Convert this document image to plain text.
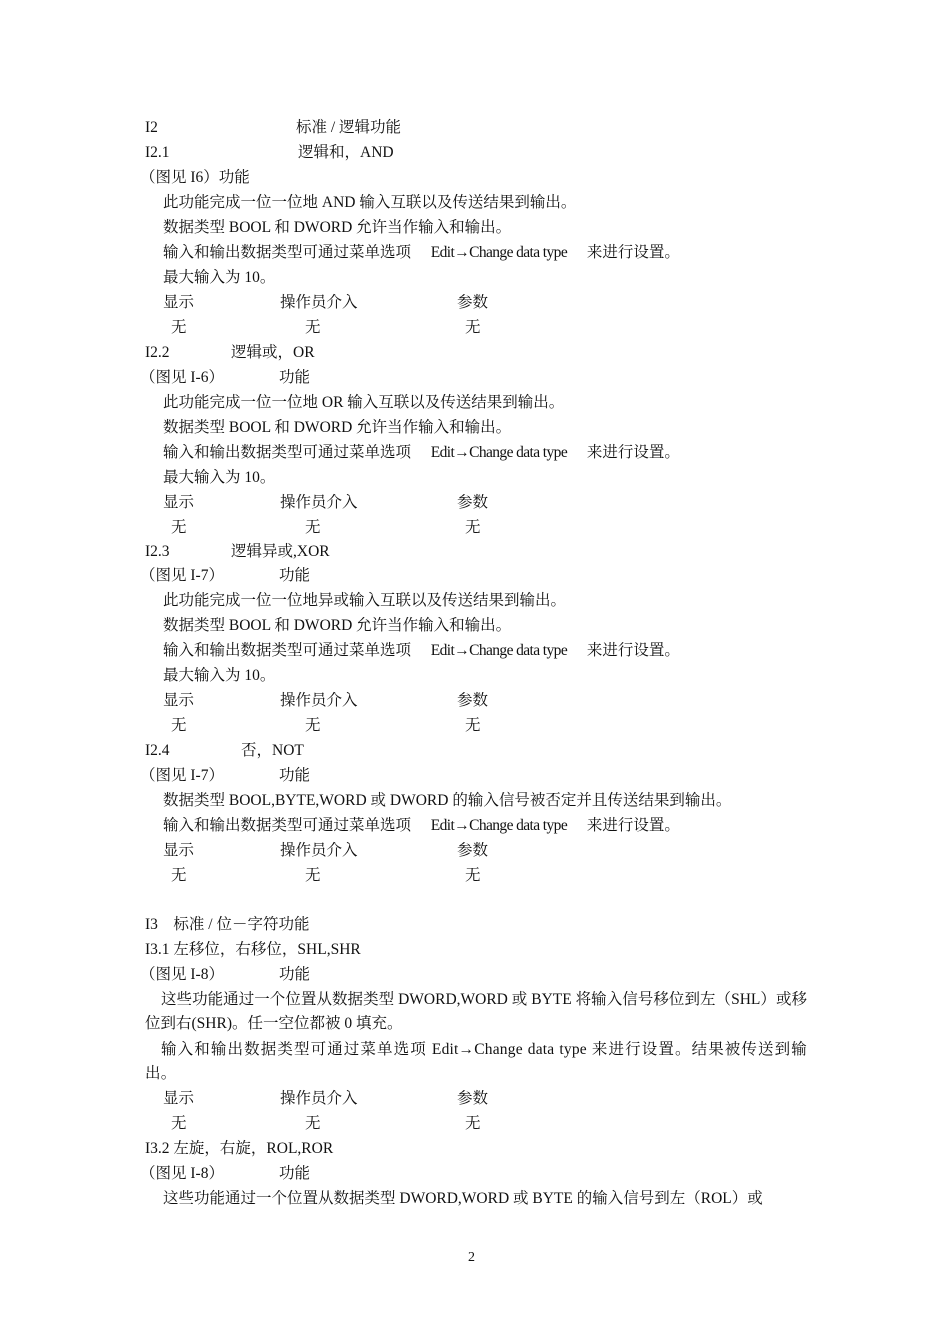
I2	标准 / 逻辑功能
I2.1	逻辑和，AND
（图见 I6）功能
此功能完成一位一位地 AND 输入互联以及传送结果到输出。
数据类型 BOOL 和 DWORD 允许当作输入和输出。
输入和输出数据类型可通过菜单选项 Edit→Change data type 来进行设置。
最大输入为 10。
显示	操作员介入	参数
无	无	无
I2.2	逻辑或，OR
（图见 I-6）	功能
此功能完成一位一位地 OR 输入互联以及传送结果到输出。
数据类型 BOOL 和 DWORD 允许当作输入和输出。
输入和输出数据类型可通过菜单选项 Edit→Change data type 来进行设置。
最大输入为 10。
显示	操作员介入	参数
无	无	无
I2.3	逻辑异或,XOR
（图见 I-7）	功能
此功能完成一位一位地异或输入互联以及传送结果到输出。
数据类型 BOOL 和 DWORD 允许当作输入和输出。
输入和输出数据类型可通过菜单选项 Edit→Change data type 来进行设置。
最大输入为 10。
显示	操作员介入	参数
无	无	无
I2.4	否，NOT
（图见 I-7）	功能
数据类型 BOOL,BYTE,WORD 或 DWORD 的输入信号被否定并且传送结果到输出。
输入和输出数据类型可通过菜单选项 Edit→Change data type 来进行设置。
显示	操作员介入	参数
无	无	无
I3　标准 / 位－字符功能
I3.1 左移位，右移位，SHL,SHR
（图见 I-8）	功能
这些功能通过一个位置从数据类型 DWORD,WORD 或 BYTE 将输入信号移位到左（SHL）或移位到右(SHR)。任一空位都被 0 填充。
输入和输出数据类型可通过菜单选项 Edit→Change data type 来进行设置。结果被传送到输出。
显示	操作员介入	参数
无	无	无
I3.2 左旋，右旋，ROL,ROR
（图见 I-8）	功能
这些功能通过一个位置从数据类型 DWORD,WORD 或 BYTE 的输入信号到左（ROL）或
2
